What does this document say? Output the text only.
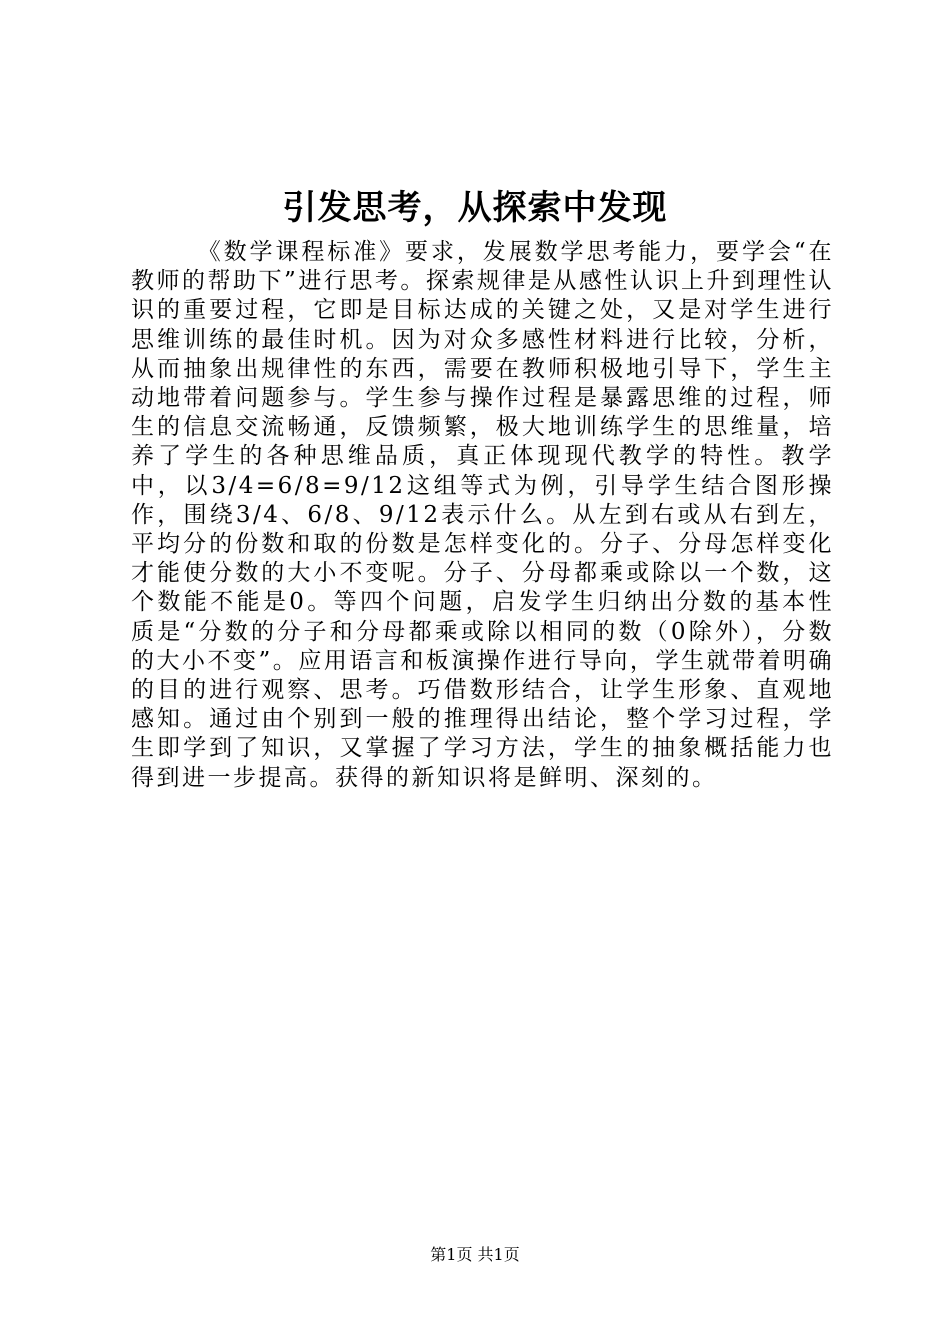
引发思考，从探索中发现

《数学课程标准》要求，发展数学思考能力，要学会“在教师的帮助下”进行思考。探索规律是从感性认识上升到理性认识的重要过程，它即是目标达成的关键之处，又是对学生进行思维训练的最佳时机。因为对众多感性材料进行比较，分析，从而抽象出规律性的东西，需要在教师积极地引导下，学生主动地带着问题参与。学生参与操作过程是暴露思维的过程，师生的信息交流畅通，反馈频繁，极大地训练学生的思维量，培养了学生的各种思维品质，真正体现现代教学的特性。教学中，以3/4=6/8=9/12这组等式为例，引导学生结合图形操作，围绕3/4、6/8、9/12表示什么。从左到右或从右到左，平均分的份数和取的份数是怎样变化的。分子、分母怎样变化才能使分数的大小不变呢。分子、分母都乘或除以一个数，这个数能不能是0。等四个问题，启发学生归纳出分数的基本性质是“分数的分子和分母都乘或除以相同的数（0除外），分数的大小不变”。应用语言和板演操作进行导向，学生就带着明确的目的进行观察、思考。巧借数形结合，让学生形象、直观地感知。通过由个别到一般的推理得出结论，整个学习过程，学生即学到了知识，又掌握了学习方法，学生的抽象概括能力也得到进一步提高。获得的新知识将是鲜明、深刻的。

第1页 共1页
